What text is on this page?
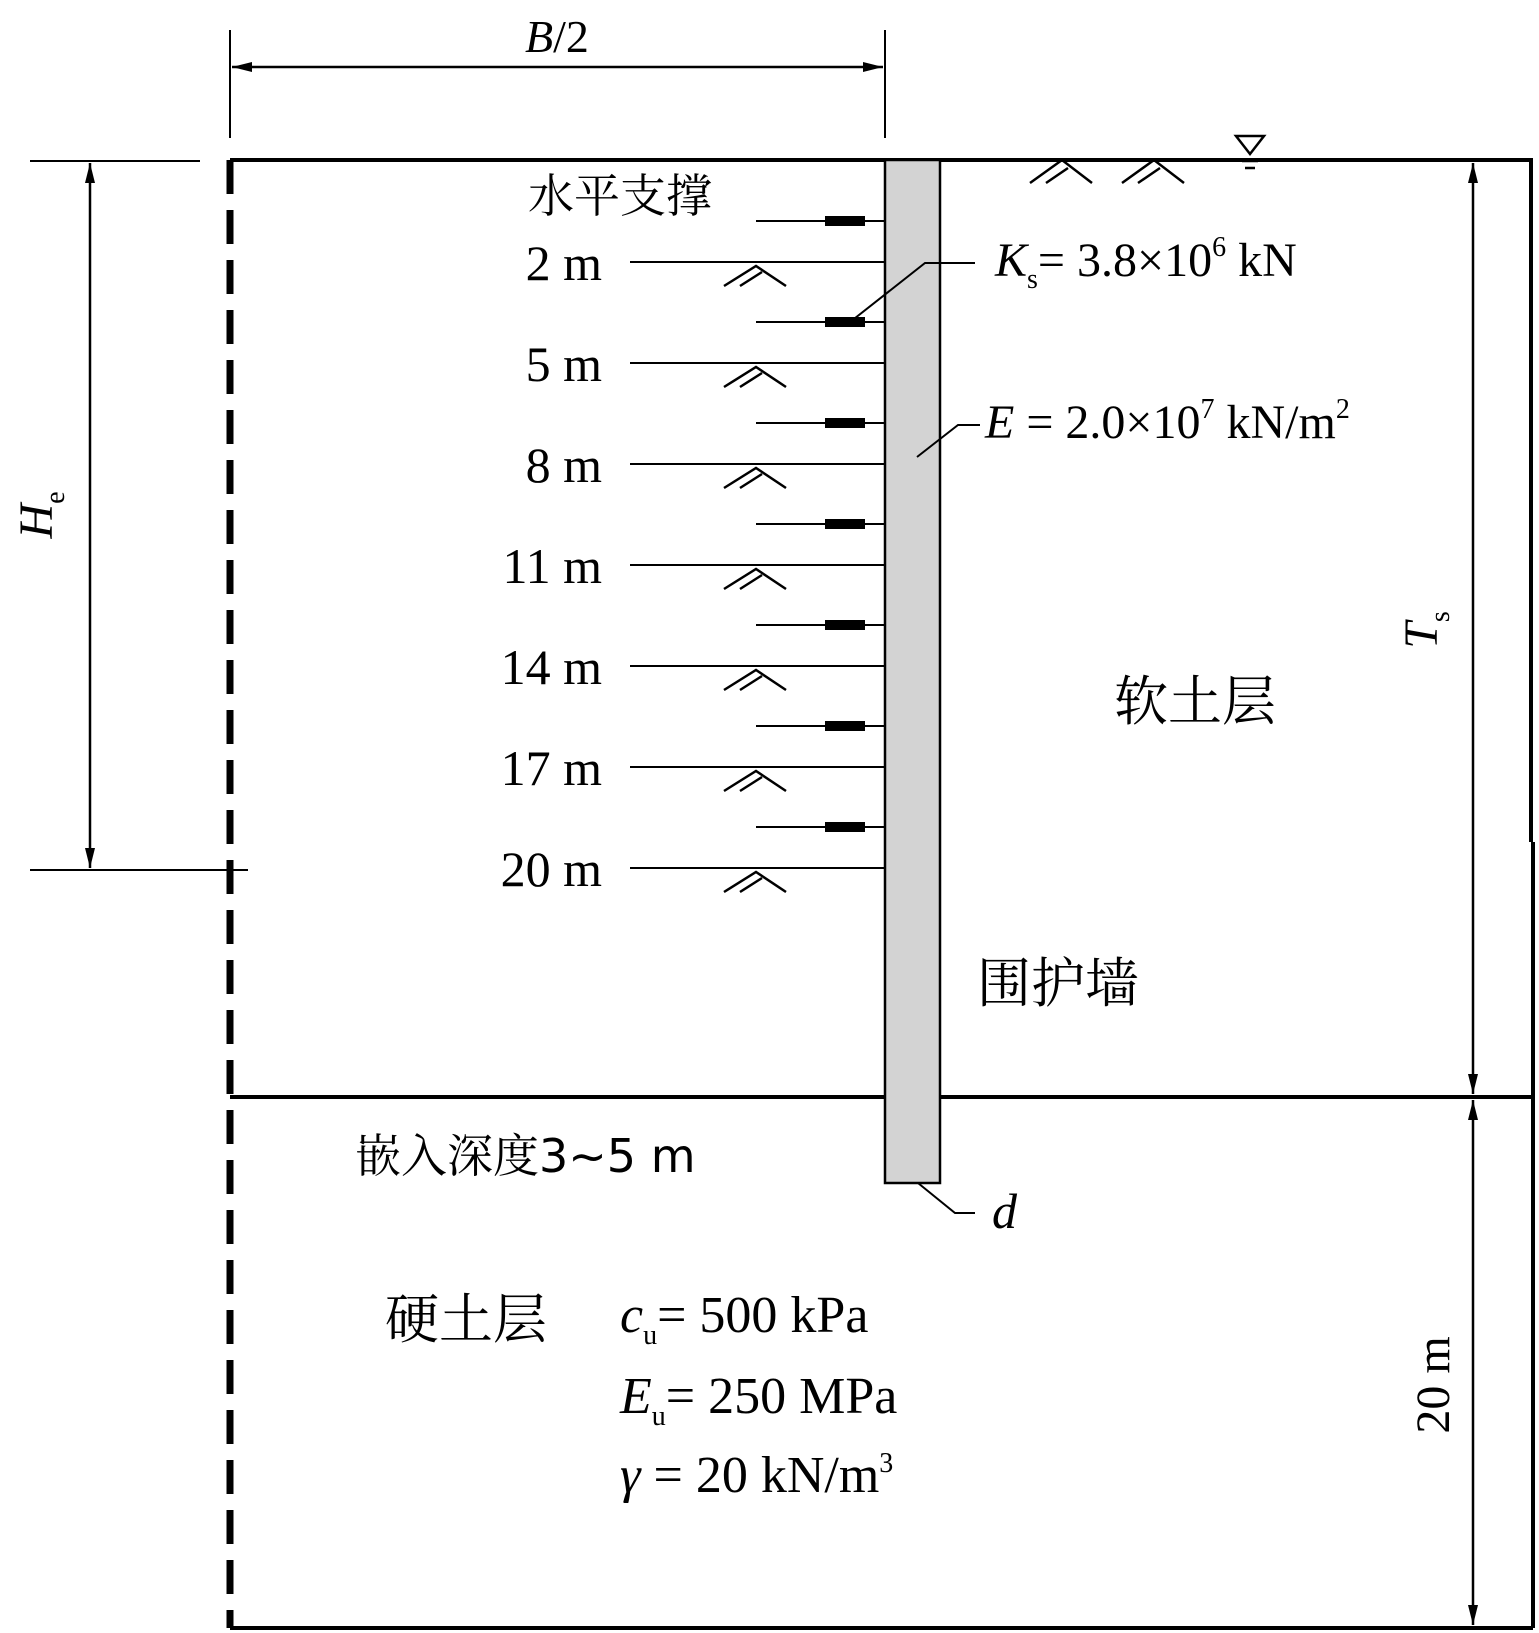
B/2
$H_e$
$T_s$
20 m
2 m
5 m
8 m
11 m
14 m
17 m
20 m
水平支撑
$K_s= 3.8\times 10^6$ kN
$E = 2.0\times 10^7$ $kN/m^2$
软土层
围护墙
d
嵌入深度3~5 m
硬土层 $c_u= 500$ kPa
$E_u= 250$ MPa
γ = 20 $kN/m^3$
